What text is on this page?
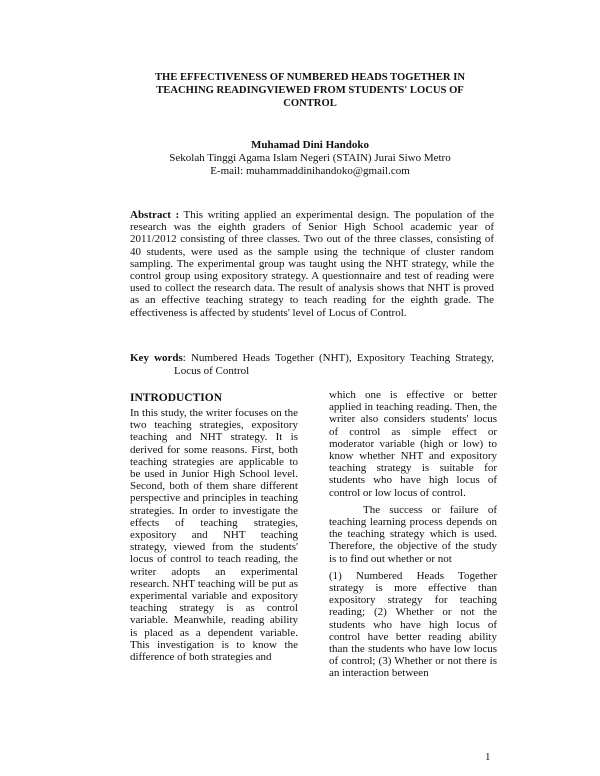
THE EFFECTIVENESS OF NUMBERED HEADS TOGETHER IN TEACHING READINGVIEWED FROM STUDENTS' LOCUS OF CONTROL
Muhamad Dini Handoko
Sekolah Tinggi Agama Islam Negeri (STAIN) Jurai Siwo Metro
E-mail: muhammaddinihandoko@gmail.com

Abstract : This writing applied an experimental design. The population of the research was the eighth graders of Senior High School academic year of 2011/2012 consisting of three classes. Two out of the three classes, consisting of 40 students, were used as the sample using the technique of cluster random sampling. The experimental group was taught using the NHT strategy, while the control group using expository strategy. A questionnaire and test of reading were used to collect the research data. The result of analysis shows that NHT is proved as an effective teaching strategy to teach reading for the eighth grade. The effectiveness is affected by students' level of Locus of Control.

Key words: Numbered Heads Together (NHT), Expository Teaching Strategy, Locus of Control

INTRODUCTION

In this study, the writer focuses on the two teaching strategies, expository teaching and NHT strategy. It is derived for some reasons. First, both teaching strategies are applicable to be used in Junior High School level. Second, both of them share different perspective and principles in teaching strategies. In order to investigate the effects of teaching strategies, expository and NHT teaching strategy, viewed from the students' locus of control to teach reading, the writer adopts an experimental research. NHT teaching will be put as experimental variable and expository teaching strategy is as control variable. Meanwhile, reading ability is placed as a dependent variable. This investigation is to know the difference of both strategies and

which one is effective or better applied in teaching reading. Then, the writer also considers students' locus of control as simple effect or moderator variable (high or low) to know whether NHT and expository teaching strategy is suitable for students who have high locus of control or low locus of control.

The success or failure of teaching learning process depends on the teaching strategy which is used. Therefore, the objective of the study is to find out whether or not

(1) Numbered Heads Together strategy is more effective than expository strategy for teaching reading; (2) Whether or not the students who have high locus of control have better reading ability than the students who have low locus of control; (3) Whether or not there is an interaction between

1
